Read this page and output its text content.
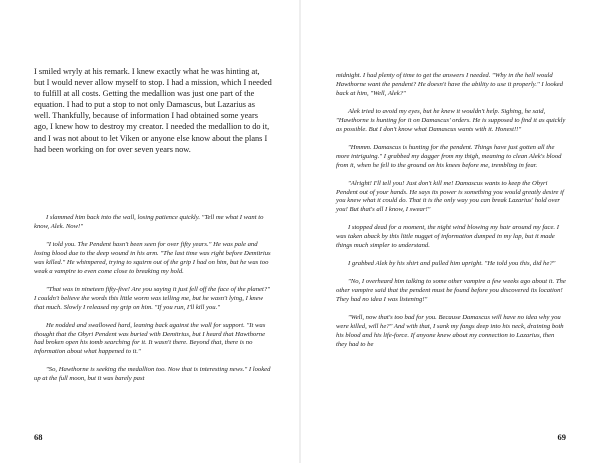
I smiled wryly at his remark. I knew exactly what he was hinting at, but I would never allow myself to stop. I had a mission, which I needed to fulfill at all costs. Getting the medallion was just one part of the equation. I had to put a stop to not only Damascus, but Lazarius as well. Thankfully, because of information I had obtained some years ago, I knew how to destroy my creator. I needed the medallion to do it, and I was not about to let Viken or anyone else know about the plans I had been working on for over seven years now.

I slammed him back into the wall, losing patience quickly. "Tell me what I want to know, Alek. Now!"

"I told you. The Pendent hasn't been seen for over fifty years." He was pale and losing blood due to the deep wound in his arm. "The last time was right before Demitrius was killed." He whimpered, trying to squirm out of the grip I had on him, but he was too weak a vampire to even come close to breaking my hold.

"That was in nineteen fifty-five! Are you saying it just fell off the face of the planet?" I couldn't believe the words this little worm was telling me, but he wasn't lying, I knew that much. Slowly I released my grip on him. "If you run, I'll kill you."

He nodded and swallowed hard, leaning back against the wall for support. "It was thought that the Obyri Pendent was buried with Demitrius, but I heard that Hawthorne had broken open his tomb searching for it. It wasn't there. Beyond that, there is no information about what happened to it."

"So, Hawthorne is seeking the medallion too. Now that is interesting news." I looked up at the full moon, but it was barely past

68	69

midnight. I had plenty of time to get the answers I needed. "Why in the hell would Hawthorne want the pendent? He doesn't have the ability to use it properly." I looked back at him, "Well, Alek?"

Alek tried to avoid my eyes, but he knew it wouldn't help. Sighing, he said, "Hawthorne is hunting for it on Damascus' orders. He is supposed to find it as quickly as possible. But I don't know what Damascus wants with it. Honest!!"

"Hmmm. Damascus is hunting for the pendent. Things have just gotten all the more intriguing." I grabbed my dagger from my thigh, meaning to clean Alek's blood from it, when he fell to the ground on his knees before me, trembling in fear.

"Alright! I'll tell you! Just don't kill me! Damascus wants to keep the Obyri Pendent out of your hands. He says its power is something you would greatly desire if you knew what it could do. That it is the only way you can break Lazarius' hold over you! But that's all I know, I swear!"

I stopped dead for a moment, the night wind blowing my hair around my face. I was taken aback by this little nugget of information dumped in my lap, but it made things much simpler to understand.

I grabbed Alek by his shirt and pulled him upright. "He told you this, did he?"

"No, I overheard him talking to some other vampire a few weeks ago about it. The other vampire said that the pendent must be found before you discovered its location! They had no idea I was listening!"

"Well, now that's too bad for you. Because Damascus will have no idea why you were killed, will he?" And with that, I sank my fangs deep into his neck, draining both his blood and his life-force. If anyone knew about my connection to Lazarius, then they had to be
